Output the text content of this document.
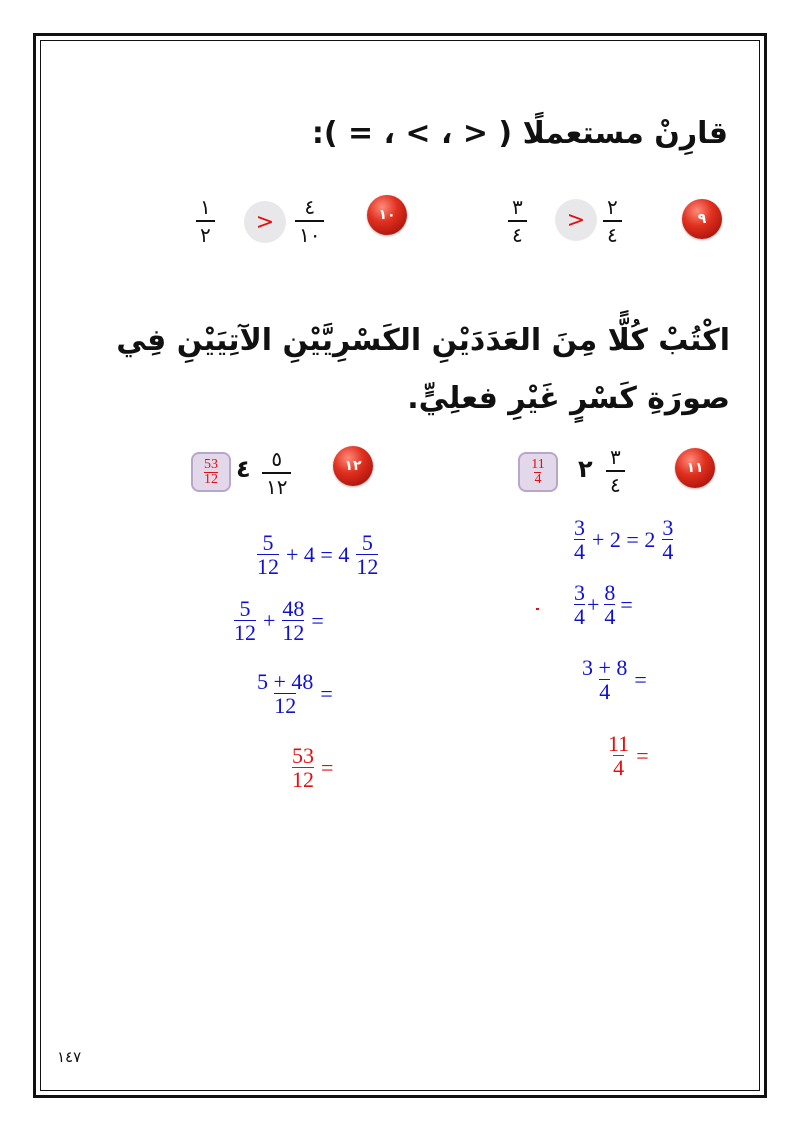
قارِنْ مستعملًا ( < ، > ، = ):
٩
٢
٤
>
٣
٤
١٠
٤
١٠
>
١
٢
اكْتُبْ كُلًّا مِنَ العَدَدَيْنِ الكَسْرِيَّيْنِ الآتِيَيْنِ فِي صورَةِ كَسْرٍ غَيْرِ فعلِيٍّ.
١١
٣
٤
٢
$\frac{11}{4}$
١٢
٥
١٢
٤
$\frac{53}{12}$
$\frac{3}{4} + 2 = 2 \frac{3}{4}$
$\frac{3}{4} + \frac{8}{4}$ =
$\frac{3 + 8}{4}$ =
$\frac{11}{4}$ =
$\frac{5}{12} + 4 = 4 \frac{5}{12}$
$\frac{5}{12} + \frac{48}{12}$ =
$\frac{5 + 48}{12}$ =
$\frac{53}{12}$ =
١٤٧
